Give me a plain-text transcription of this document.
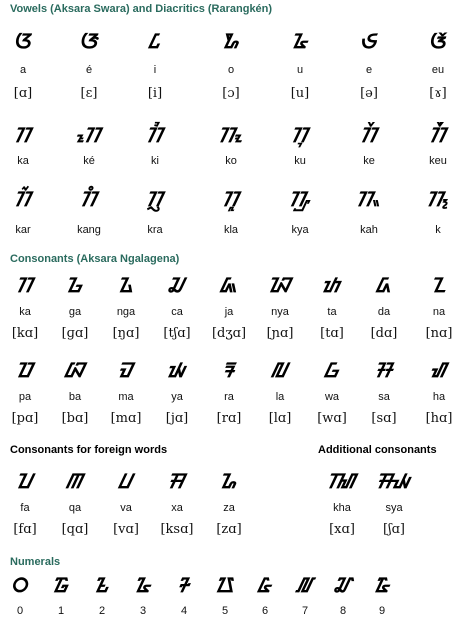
Vowels (Aksara Swara) and Diacritics (Rarangkén)
Consonants (Aksara Ngalagena)
Consonants for foreign words	Additional consonants
Numerals
ᮃ	ᮆ	ᮄ	ᮇ	ᮅ	ᮈ	ᮉ
a	é	i	o	u	e	eu
[ɑ]	[ɛ]	[i]	[ɔ]	[u]	[ə]	[ɤ]
ᮊ	ᮊᮦ	ᮊᮤ	ᮊᮧ	ᮊᮥ	ᮊᮨ	ᮊᮩ
ka	ké	ki	ko	ku	ke	keu
ᮊᮁ	ᮊᮀ	ᮊᮢ	ᮊᮣ	ᮊᮡ	ᮊᮂ	ᮊ᮪
kar	kang	kra	kla	kya	kah	k
ᮊ	ᮌ	ᮍ	ᮎ	ᮏ	ᮑ	ᮒ	ᮓ	ᮔ
ka	ga	nga	ca	ja	nya	ta	da	na
[kɑ]	[ɡɑ]	[ŋɑ]	[tʃɑ]	[dʒɑ]	[ɲɑ]	[tɑ]	[dɑ]	[nɑ]
ᮕ	ᮘ	ᮙ	ᮚ	ᮛ	ᮜ	ᮝ	ᮞ	ᮠ
pa	ba	ma	ya	ra	la	wa	sa	ha
[pɑ]	[bɑ]	[mɑ]	[jɑ]	[rɑ]	[lɑ]	[wɑ]	[sɑ]	[hɑ]
ᮖ	ᮋ	ᮗ	ᮟ	ᮐ
fa	qa	va	xa	za
[fɑ]	[qɑ]	[vɑ]	[ksɑ]	[zɑ]
ᮮ ᮯ
kha	sya
[xɑ]	[ʃɑ]
᮰	᮱	᮲	᮳	᮴	᮵	᮶	᮷	᮸	᮹
0	1	2	3	4	5	6	7	8	9
